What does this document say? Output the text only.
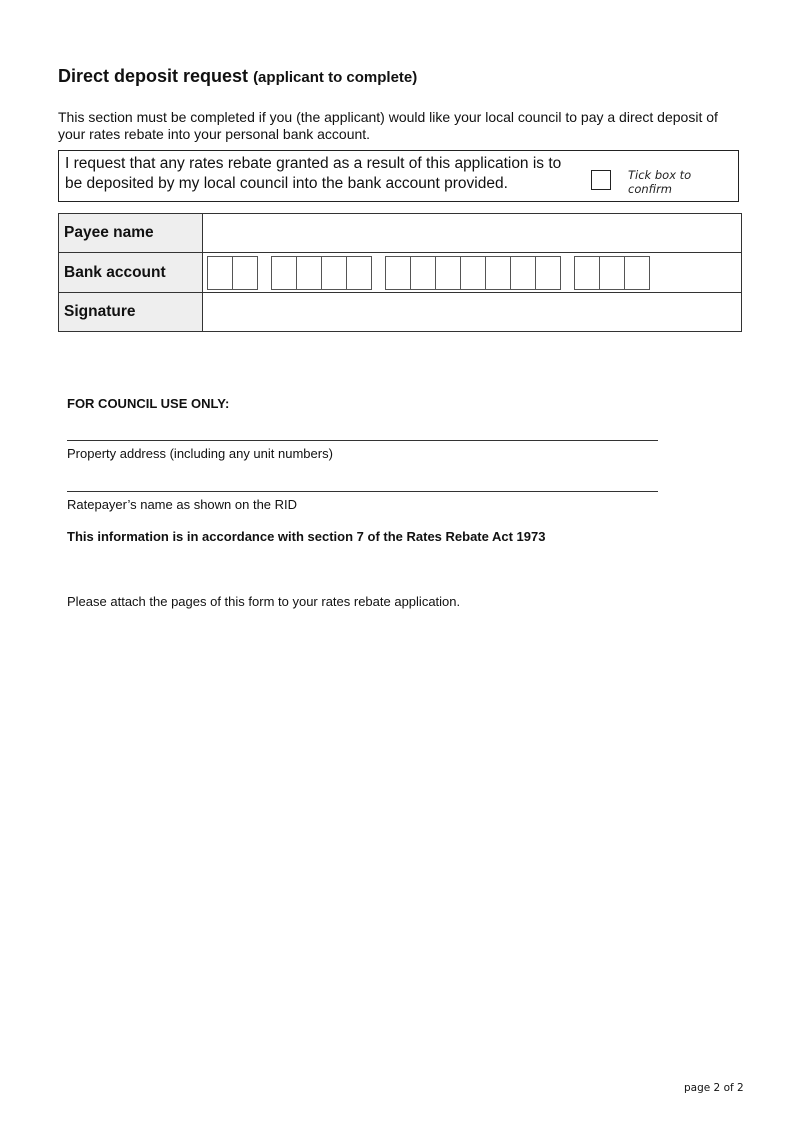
Direct deposit request (applicant to complete)

This section must be completed if you (the applicant) would like your local council to pay a direct deposit of your rates rebate into your personal bank account.

I request that any rates rebate granted as a result of this application is to be deposited by my local council into the bank account provided.	Tick box to confirm
Payee name	
Bank account	

Signature	

FOR COUNCIL USE ONLY:

Property address (including any unit numbers)

Ratepayer’s name as shown on the RID

This information is in accordance with section 7 of the Rates Rebate Act 1973

Please attach the pages of this form to your rates rebate application.

page 2 of 2
